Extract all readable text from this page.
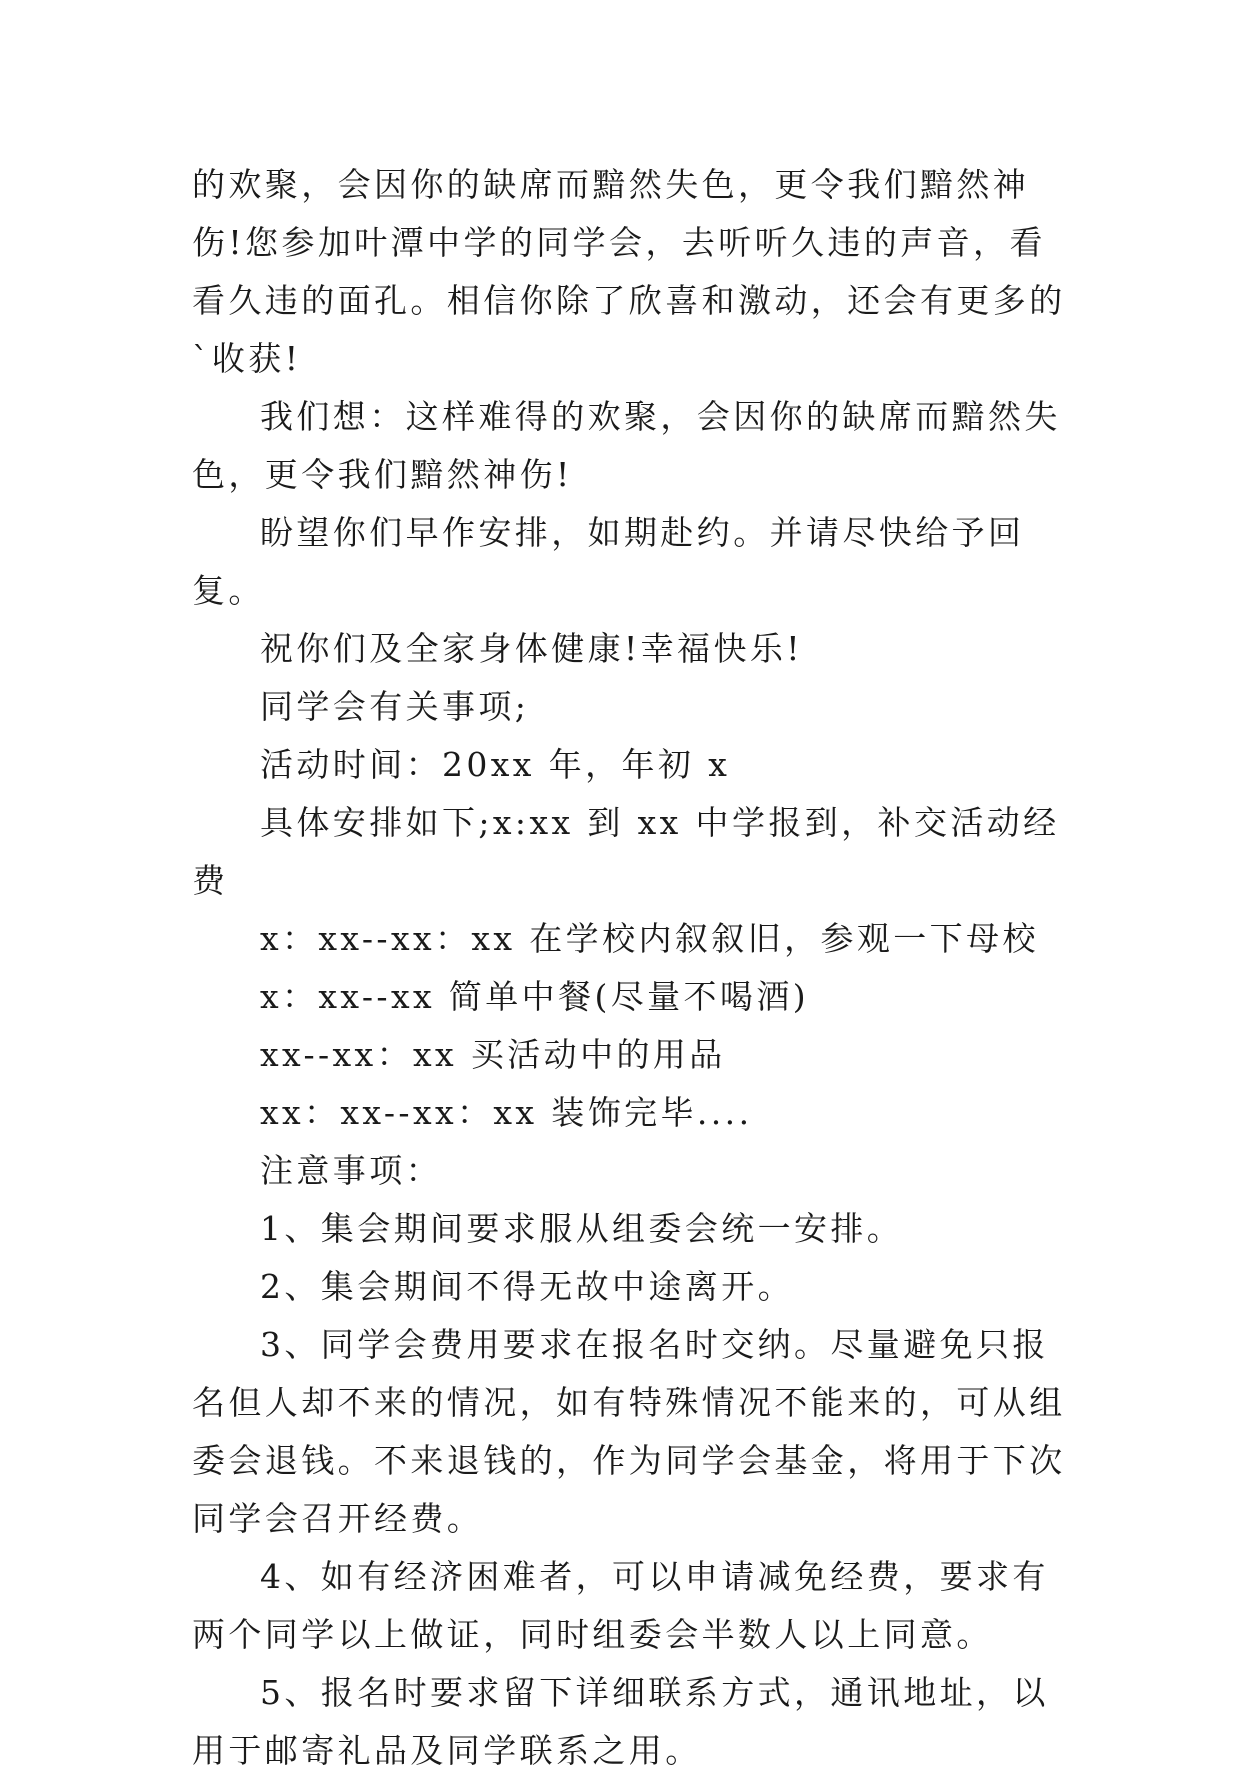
的欢聚，会因你的缺席而黯然失色，更令我们黯然神伤!您参加叶潭中学的同学会，去听听久违的声音，看看久违的面孔。相信你除了欣喜和激动，还会有更多的`收获!

我们想：这样难得的欢聚，会因你的缺席而黯然失色，更令我们黯然神伤!

盼望你们早作安排，如期赴约。并请尽快给予回复。

祝你们及全家身体健康!幸福快乐!

同学会有关事项;

活动时间：20xx 年，年初 x

具体安排如下;x:xx 到 xx 中学报到，补交活动经费

x：xx--xx：xx 在学校内叙叙旧，参观一下母校

x：xx--xx 简单中餐(尽量不喝酒)

xx--xx：xx 买活动中的用品

xx：xx--xx：xx 装饰完毕....

注意事项：

1、集会期间要求服从组委会统一安排。

2、集会期间不得无故中途离开。

3、同学会费用要求在报名时交纳。尽量避免只报名但人却不来的情况，如有特殊情况不能来的，可从组委会退钱。不来退钱的，作为同学会基金，将用于下次同学会召开经费。

4、如有经济困难者，可以申请减免经费，要求有两个同学以上做证，同时组委会半数人以上同意。

5、报名时要求留下详细联系方式，通讯地址，以用于邮寄礼品及同学联系之用。
